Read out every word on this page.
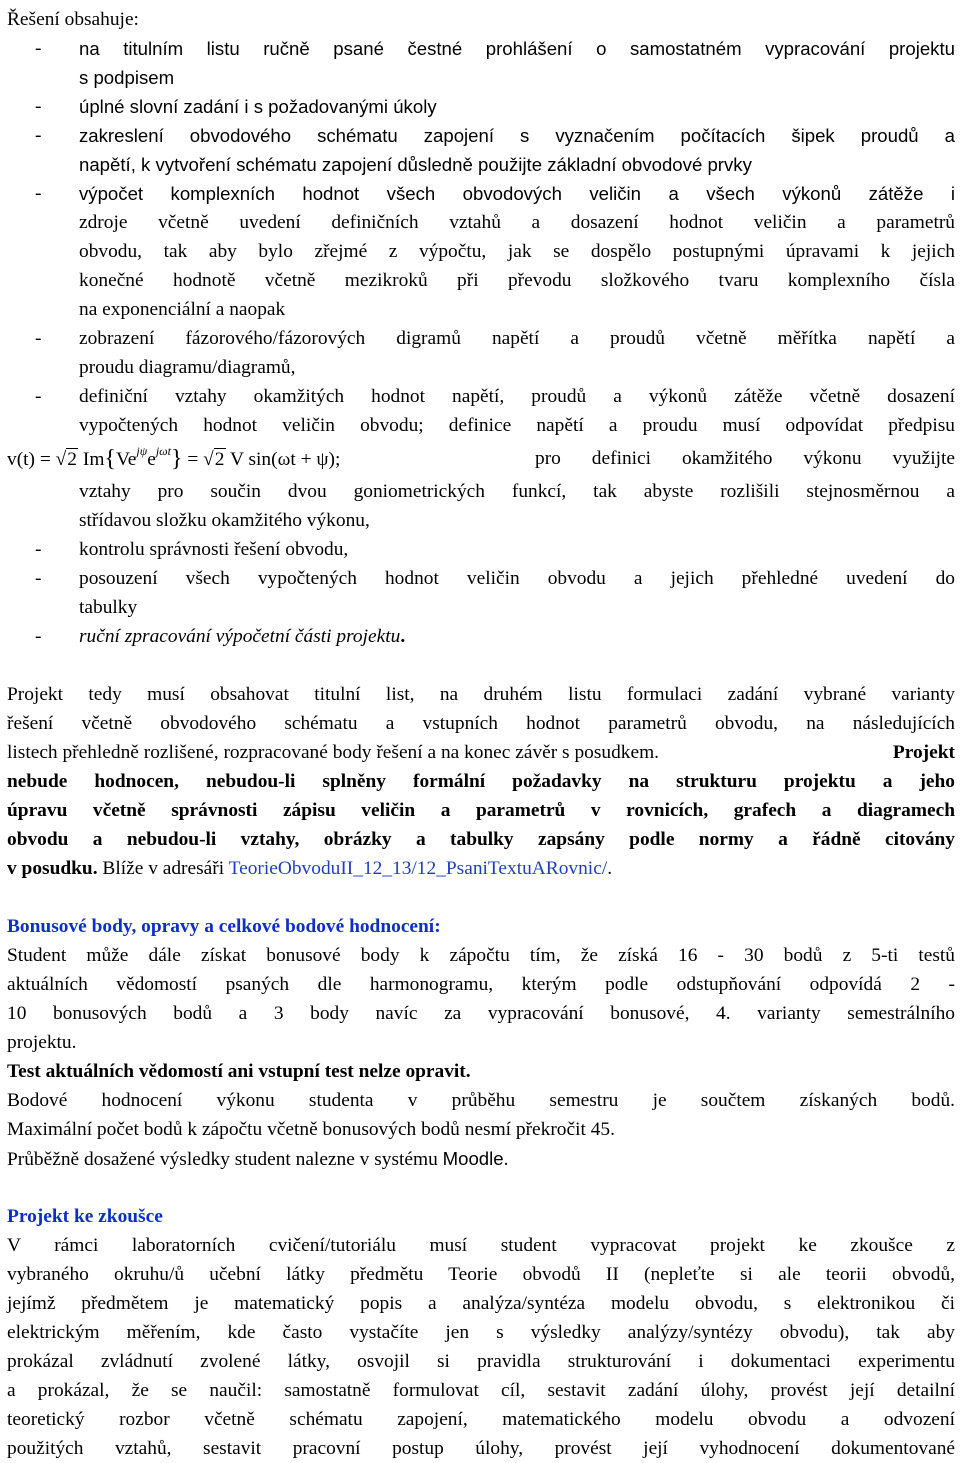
Řešení obsahuje:
- na titulním listu ručně psané čestné prohlášení o samostatném vypracování projektu
s podpisem
- úplné slovní zadání i s požadovanými úkoly
- zakreslení obvodového schématu zapojení s vyznačením počítacích šipek proudů a
napětí, k vytvoření schématu zapojení důsledně použijte základní obvodové prvky
- výpočet komplexních hodnot všech obvodových veličin a všech výkonů zátěže i
zdroje včetně uvedení definičních vztahů a dosazení hodnot veličin a parametrů
obvodu, tak aby bylo zřejmé z výpočtu, jak se dospělo postupnými úpravami k jejich
konečné hodnotě včetně mezikroků při převodu složkového tvaru komplexního čísla
na exponenciální a naopak
- zobrazení fázorového/fázorových digramů napětí a proudů včetně měřítka napětí a
proudu diagramu/diagramů,
- definiční vztahy okamžitých hodnot napětí, proudů a výkonů zátěže včetně dosazení
vypočtených hodnot veličin obvodu; definice napětí a proudu musí odpovídat předpisu
v(t) = √2 $Im\{Ve^{j\psi}e^{j\omega t}\} = √2$ V sin(ωt + ψ);	pro definici okamžitého výkonu využijte
vztahy pro součin dvou goniometrických funkcí, tak abyste rozlišili stejnosměrnou a
střídavou složku okamžitého výkonu,
- kontrolu správnosti řešení obvodu,
- posouzení všech vypočtených hodnot veličin obvodu a jejich přehledné uvedení do
tabulky
- ruční zpracování výpočetní části projektu.
Projekt tedy musí obsahovat titulní list, na druhém listu formulaci zadání vybrané varianty
řešení včetně obvodového schématu a vstupních hodnot parametrů obvodu, na následujících
listech přehledně rozlišené, rozpracované body řešení a na konec závěr s posudkem.	Projekt
nebude hodnocen, nebudou-li splněny formální požadavky na strukturu projektu a jeho
úpravu včetně správnosti zápisu veličin a parametrů v rovnicích, grafech a diagramech
obvodu a nebudou-li vztahy, obrázky a tabulky zapsány podle normy a řádně citovány
v posudku. Blíže v adresáři TeorieObvoduII_12_13/12_PsaniTextuARovnic/.
Bonusové body, opravy a celkové bodové hodnocení:
Student může dále získat bonusové body k zápočtu tím, že získá 16 - 30 bodů z 5-ti testů
aktuálních vědomostí psaných dle harmonogramu, kterým podle odstupňování odpovídá 2 -
10 bonusových bodů a 3 body navíc za vypracování bonusové, 4. varianty semestrálního
projektu.
Test aktuálních vědomostí ani vstupní test nelze opravit.
Bodové hodnocení výkonu studenta v průběhu semestru je součtem získaných bodů.
Maximální počet bodů k zápočtu včetně bonusových bodů nesmí překročit 45.
Průběžně dosažené výsledky student nalezne v systému Moodle.
Projekt ke zkoušce
V rámci laboratorních cvičení/tutoriálu musí student vypracovat projekt ke zkoušce z
vybraného okruhu/ů učební látky předmětu Teorie obvodů II (nepleťte si ale teorii obvodů,
jejímž předmětem je matematický popis a analýza/syntéza modelu obvodu, s elektronikou či
elektrickým měřením, kde často vystačíte jen s výsledky analýzy/syntézy obvodu), tak aby
prokázal zvládnutí zvolené látky, osvojil si pravidla strukturování i dokumentaci experimentu
a prokázal, že se naučil: samostatně formulovat cíl, sestavit zadání úlohy, provést její detailní
teoretický rozbor včetně schématu zapojení, matematického modelu obvodu a odvození
použitých vztahů, sestavit pracovní postup úlohy, provést její vyhodnocení dokumentované
